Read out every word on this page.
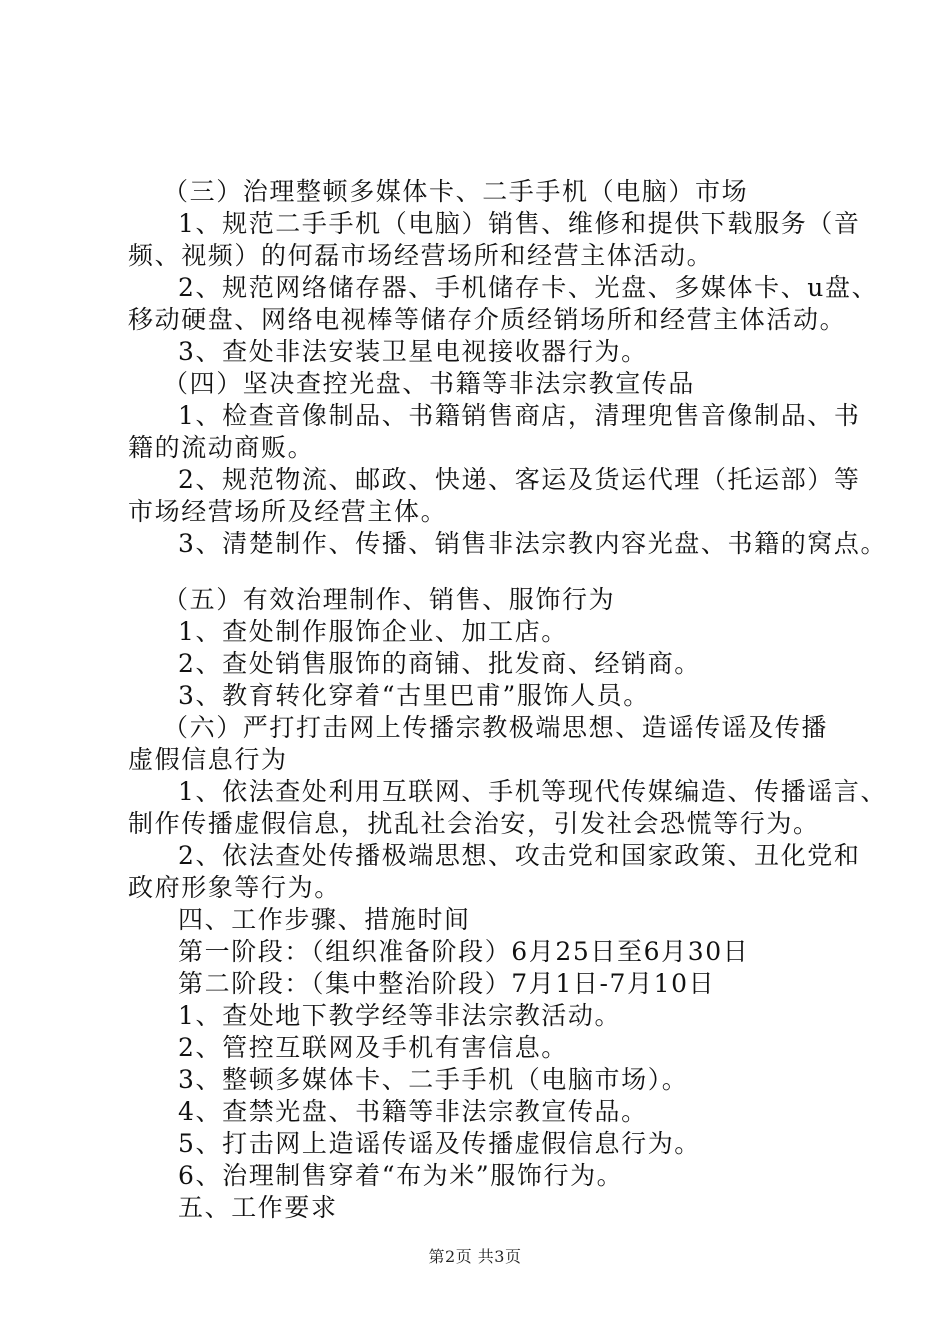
（三）治理整顿多媒体卡、二手手机（电脑）市场
1、规范二手手机（电脑）销售、维修和提供下载服务（音
频、视频）的何磊市场经营场所和经营主体活动。
2、规范网络储存器、手机储存卡、光盘、多媒体卡、u盘、
移动硬盘、网络电视棒等储存介质经销场所和经营主体活动。
3、查处非法安装卫星电视接收器行为。
（四）坚决查控光盘、书籍等非法宗教宣传品
1、检查音像制品、书籍销售商店，清理兜售音像制品、书
籍的流动商贩。
2、规范物流、邮政、快递、客运及货运代理（托运部）等
市场经营场所及经营主体。
3、清楚制作、传播、销售非法宗教内容光盘、书籍的窝点。
（五）有效治理制作、销售、服饰行为
1、查处制作服饰企业、加工店。
2、查处销售服饰的商铺、批发商、经销商。
3、教育转化穿着“古里巴甫”服饰人员。
（六）严打打击网上传播宗教极端思想、造谣传谣及传播
虚假信息行为
1、依法查处利用互联网、手机等现代传媒编造、传播谣言、
制作传播虚假信息，扰乱社会治安，引发社会恐慌等行为。
2、依法查处传播极端思想、攻击党和国家政策、丑化党和
政府形象等行为。
四、工作步骤、措施时间
第一阶段：（组织准备阶段）6月25日至6月30日
第二阶段：（集中整治阶段）7月1日-7月10日
1、查处地下教学经等非法宗教活动。
2、管控互联网及手机有害信息。
3、整顿多媒体卡、二手手机（电脑市场）。
4、查禁光盘、书籍等非法宗教宣传品。
5、打击网上造谣传谣及传播虚假信息行为。
6、治理制售穿着“布为米”服饰行为。
五、工作要求
第2页 共3页
